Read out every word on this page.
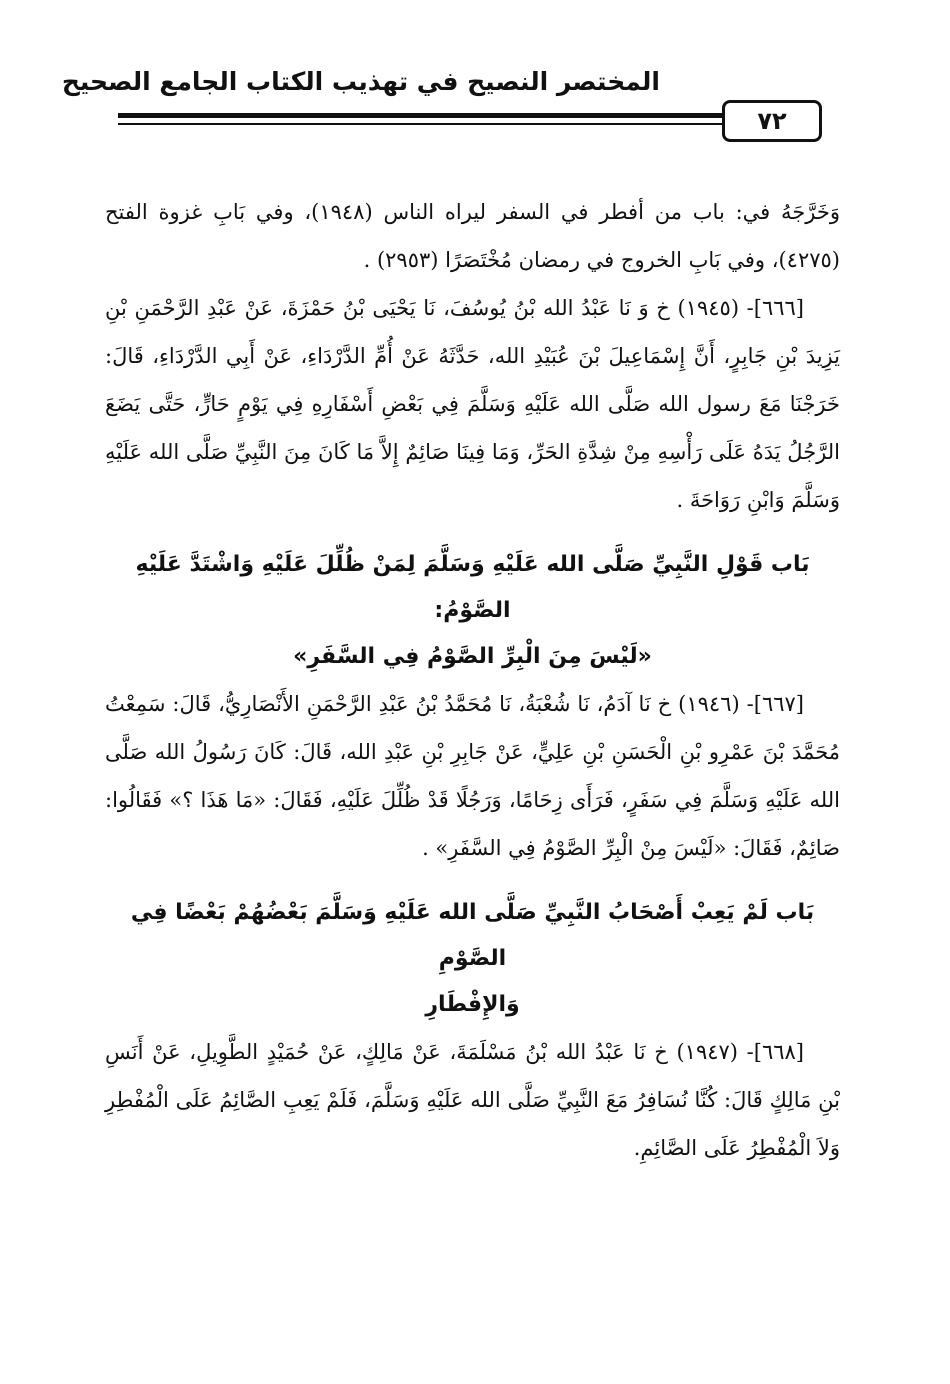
المختصر النصيح في تهذيب الكتاب الجامع الصحيح
٧٢

وَخَرَّجَهُ في: باب من أفطر في السفر ليراه الناس (١٩٤٨)، وفي بَابِ غزوة الفتح (٤٢٧٥)، وفي بَابِ الخروج في رمضان مُخْتَصَرًا (٢٩٥٣) .

[٦٦٦]- (١٩٤٥) خ وَ نَا عَبْدُ الله بْنُ يُوسُفَ، نَا يَحْيَى بْنُ حَمْزَةَ، عَنْ عَبْدِ الرَّحْمَنِ بْنِ يَزِيدَ بْنِ جَابِرٍ، أَنَّ إِسْمَاعِيلَ بْنَ عُبَيْدِ الله، حَدَّثَهُ عَنْ أُمِّ الدَّرْدَاءِ، عَنْ أَبِي الدَّرْدَاءِ، قَالَ: خَرَجْنَا مَعَ رسول الله صَلَّى الله عَلَيْهِ وَسَلَّمَ فِي بَعْضِ أَسْفَارِهِ فِي يَوْمٍ حَارٍّ، حَتَّى يَضَعَ الرَّجُلُ يَدَهُ عَلَى رَأْسِهِ مِنْ شِدَّةِ الحَرِّ، وَمَا فِينَا صَائِمٌ إِلاَّ مَا كَانَ مِنَ النَّبِيِّ صَلَّى الله عَلَيْهِ وَسَلَّمَ وَابْنِ رَوَاحَةَ .

بَاب قَوْلِ النَّبِيِّ صَلَّى الله عَلَيْهِ وَسَلَّمَ لِمَنْ ظُلِّلَ عَلَيْهِ وَاشْتَدَّ عَلَيْهِ الصَّوْمُ:
«لَيْسَ مِنَ الْبِرِّ الصَّوْمُ فِي السَّفَرِ»

[٦٦٧]- (١٩٤٦) خ نَا آدَمُ، نَا شُعْبَةُ، نَا مُحَمَّدُ بْنُ عَبْدِ الرَّحْمَنِ الأَنْصَارِيُّ، قَالَ: سَمِعْتُ مُحَمَّدَ بْنَ عَمْرِو بْنِ الْحَسَنِ بْنِ عَلِيٍّ، عَنْ جَابِرِ بْنِ عَبْدِ الله، قَالَ: كَانَ رَسُولُ الله صَلَّى الله عَلَيْهِ وَسَلَّمَ فِي سَفَرٍ، فَرَأَى زِحَامًا، وَرَجُلًا قَدْ ظُلِّلَ عَلَيْهِ، فَقَالَ: «مَا هَذَا ؟» فَقَالُوا: صَائِمٌ، فَقَالَ: «لَيْسَ مِنْ الْبِرِّ الصَّوْمُ فِي السَّفَرِ» .

بَاب لَمْ يَعِبْ أَصْحَابُ النَّبِيِّ صَلَّى الله عَلَيْهِ وَسَلَّمَ بَعْضُهُمْ بَعْضًا فِي الصَّوْمِ
وَالإِفْطَارِ

[٦٦٨]- (١٩٤٧) خ نَا عَبْدُ الله بْنُ مَسْلَمَةَ، عَنْ مَالِكٍ، عَنْ حُمَيْدٍ الطَّوِيلِ، عَنْ أَنَسِ بْنِ مَالِكٍ قَالَ: كُنَّا نُسَافِرُ مَعَ النَّبِيِّ صَلَّى الله عَلَيْهِ وَسَلَّمَ، فَلَمْ يَعِبِ الصَّائِمُ عَلَى الْمُفْطِرِ وَلاَ الْمُفْطِرُ عَلَى الصَّائِمِ.
